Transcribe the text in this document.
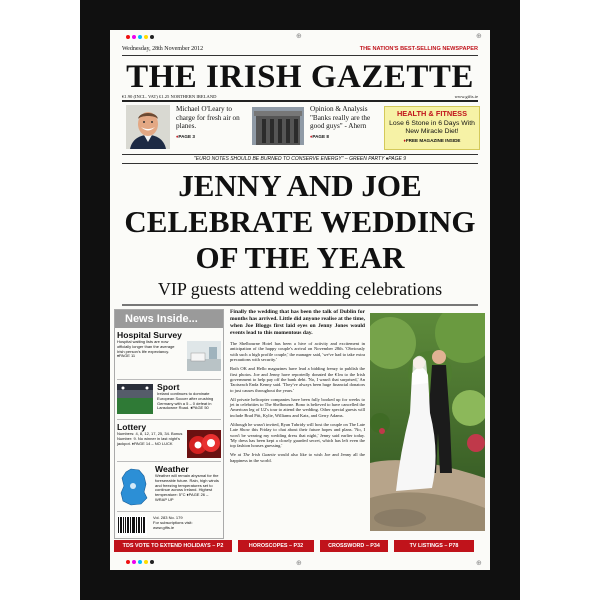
⊕	⊕
⊕	⊕
Wednesday, 28th November 2012	THE NATION'S BEST-SELLING NEWSPAPER
THE IRISH GAZETTE
€1.90 (INCL. VAT) £1.25 NORTHERN IRELAND	www.gifts.ie
Michael O'Leary to charge for fresh air on planes.
♦PAGE 3
Opinion & Analysis "Banks really are the good guys" - Ahern
♦PAGE 8
HEALTH & FITNESS
Lose 6 Stone in 6 Days With New Miracle Diet!
♦FREE MAGAZINE INSIDE
"EURO NOTES SHOULD BE BURNED TO CONSERVE ENERGY" – GREEN PARTY ♦PAGE 9
JENNY AND JOE
CELEBRATE WEDDING
OF THE YEAR
VIP guests attend wedding celebrations
News Inside...
Hospital Survey
Hospital waiting lists are now officially longer than the average Irish person's life expectancy. ♦PAGE 11
Sport
Ireland continues to dominate European Soccer after crushing Germany with a 5 – 0 defeat in Lansdowne Road. ♦PAGE 50
Lottery
Numbers: 4, 8, 12, 17, 25, 34. Bonus Number: 9. No winner in last night's jackpot. ♦PAGE 14 – NO LUCK
Weather
Weather will remain abysmal for the foreseeable future. Rain, high winds and freezing temperatures set to continue across Ireland. Highest temperature: 5°C ♦PAGE 26 – WRAP UP
Vol. 283 No. 179
For subscriptions visit:
www.gifts.ie
Finally the wedding that has been the talk of Dublin for months has arrived. Little did anyone realise at the time, when Joe Bloggs first laid eyes on Jenny Jones would events lead to this momentous day.

The Shelbourne Hotel has been a hive of activity and excitement in anticipation of the happy couple's arrival on November 28th. 'Obviously with such a high profile couple,' the manager said, 'we've had to take extra precautions with security.'

Both OK and Hello magazines have lead a bidding frenzy to publish the first photos. Joe and Jenny have reportedly donated the €1m to the Irish government to help pay off the bank debt. 'No, I wasn't that surprised,' An Taoiseach Enda Kenny said. 'They've always been huge financial donators to just causes throughout the years.'

All private helicopter companies have been fully booked up for weeks to jet in celebrities to The Shelbourne. Bono is believed to have cancelled the American leg of U2's tour to attend the wedding. Other special guests will include Brad Pitt, Kylie, Williams and Katz, and Gerry Adams.

Although he wasn't invited, Ryan Tubridy will host the couple on The Late Late Show this Friday to chat about their future hopes and plans. 'No, I won't be wearing my wedding dress that night,' Jenny said earlier today. 'My dress has been kept a closely guarded secret, which has left even the top fashion houses guessing.'

We at The Irish Gazette would also like to wish Joe and Jenny all the happiness in the world.

TDS VOTE TO EXTEND HOLIDAYS – P2	HOROSCOPES – P32	CROSSWORD – P34	TV LISTINGS – P78
